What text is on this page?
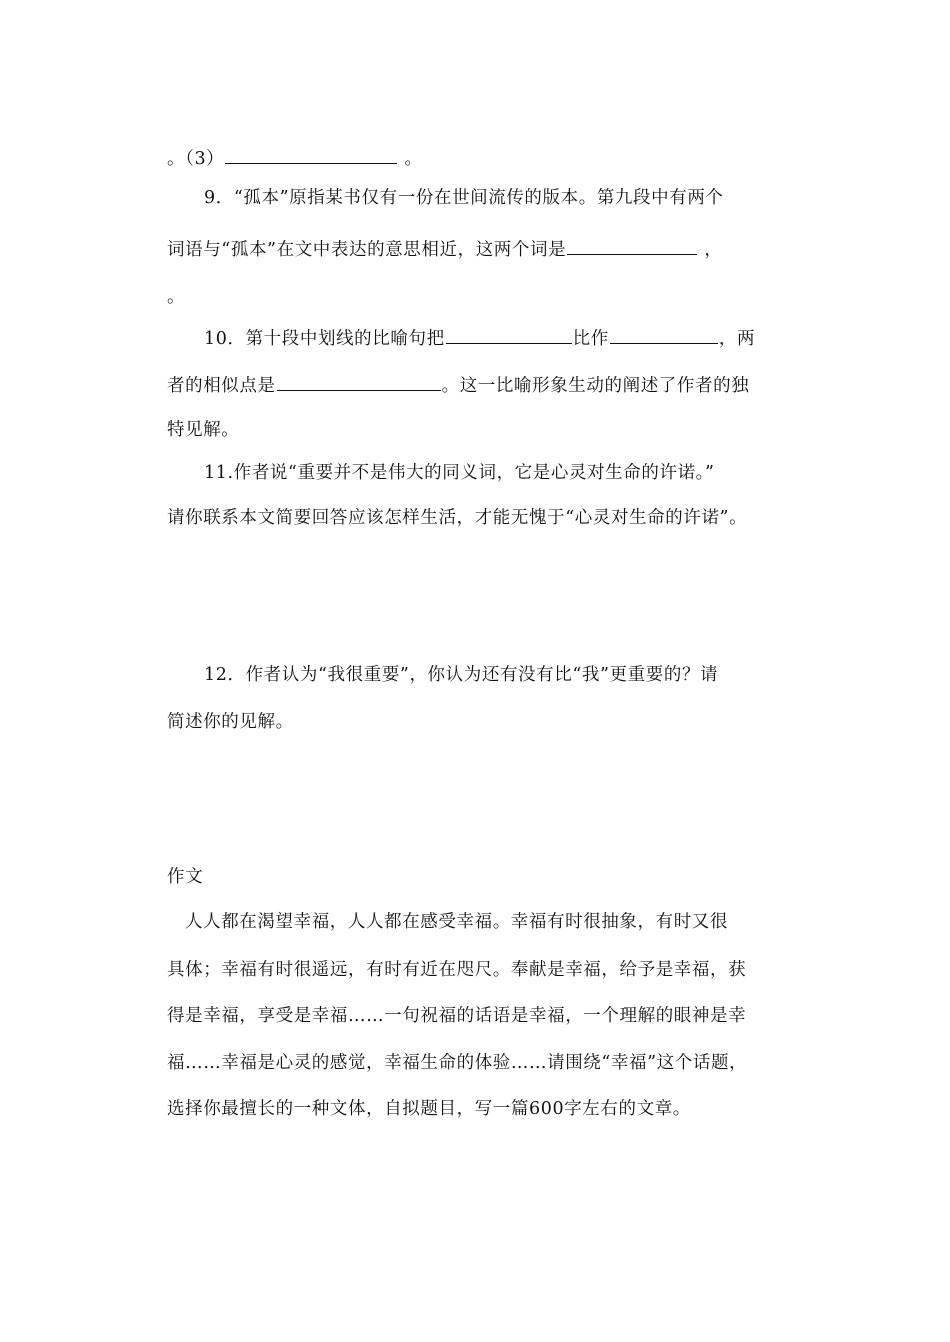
。（3）	。
9．“孤本”原指某书仅有一份在世间流传的版本。第九段中有两个
词语与“孤本”在文中表达的意思相近，这两个词是	，
。
10．第十段中划线的比喻句把	比作	，两
者的相似点是	。这一比喻形象生动的阐述了作者的独
特见解。
11.作者说“重要并不是伟大的同义词，它是心灵对生命的许诺。”
请你联系本文简要回答应该怎样生活，才能无愧于“心灵对生命的许诺”。
12．作者认为“我很重要”，你认为还有没有比“我”更重要的？请
简述你的见解。
作文
人人都在渴望幸福，人人都在感受幸福。幸福有时很抽象，有时又很
具体；幸福有时很遥远，有时有近在咫尺。奉献是幸福，给予是幸福，获
得是幸福，享受是幸福……一句祝福的话语是幸福，一个理解的眼神是幸
福……幸福是心灵的感觉，幸福生命的体验……请围绕“幸福”这个话题，
选择你最擅长的一种文体，自拟题目，写一篇600字左右的文章。
